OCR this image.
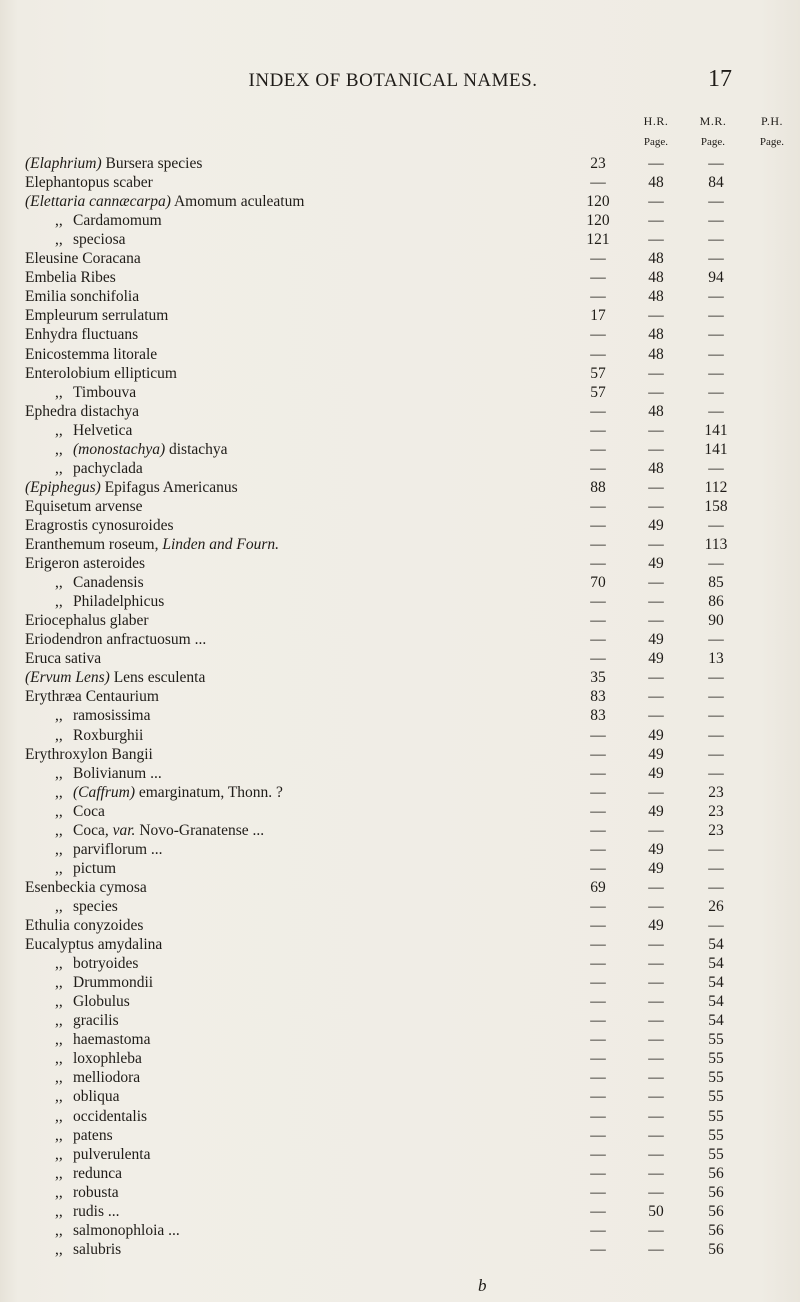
INDEX OF BOTANICAL NAMES.	17
H.R.
Page.
M.R.
Page.
P.H.
Page.
(Elaphrium) Bursera species	23	—	—
Elephantopus scaber	—	48	84
(Elettaria cannæcarpa) Amomum aculeatum	120	—	—
,, Cardamomum	120	—	—
,, speciosa	121	—	—
Eleusine Coracana	—	48	—
Embelia Ribes	—	48	94
Emilia sonchifolia	—	48	—
Empleurum serrulatum	17	—	—
Enhydra fluctuans	—	48	—
Enicostemma litorale	—	48	—
Enterolobium ellipticum	57	—	—
,, Timbouva	57	—	—
Ephedra distachya	—	48	—
,, Helvetica	—	—	141
,, (monostachya) distachya	—	—	141
,, pachyclada	—	48	—
(Epiphegus) Epifagus Americanus	88	—	112
Equisetum arvense	—	—	158
Eragrostis cynosuroides	—	49	—
Eranthemum roseum, Linden and Fourn.	—	—	113
Erigeron asteroides	—	49	—
,, Canadensis	70	—	85
,, Philadelphicus	—	—	86
Eriocephalus glaber	—	—	90
Eriodendron anfractuosum ...	—	49	—
Eruca sativa	—	49	13
(Ervum Lens) Lens esculenta	35	—	—
Erythræa Centaurium	83	—	—
,, ramosissima	83	—	—
,, Roxburghii	—	49	—
Erythroxylon Bangii	—	49	—
,, Bolivianum ...	—	49	—
,, (Caffrum) emarginatum, Thonn. ?	—	—	23
,, Coca	—	49	23
,, Coca, var. Novo-Granatense ...	—	—	23
,, parviflorum ...	—	49	—
,, pictum	—	49	—
Esenbeckia cymosa	69	—	—
,, species	—	—	26
Ethulia conyzoides	—	49	—
Eucalyptus amydalina	—	—	54
,, botryoides	—	—	54
,, Drummondii	—	—	54
,, Globulus	—	—	54
,, gracilis	—	—	54
,, haemastoma	—	—	55
,, loxophleba	—	—	55
,, melliodora	—	—	55
,, obliqua	—	—	55
,, occidentalis	—	—	55
,, patens	—	—	55
,, pulverulenta	—	—	55
,, redunca	—	—	56
,, robusta	—	—	56
,, rudis ...	—	50	56
,, salmonophloia ...	—	—	56
,, salubris	—	—	56
b
